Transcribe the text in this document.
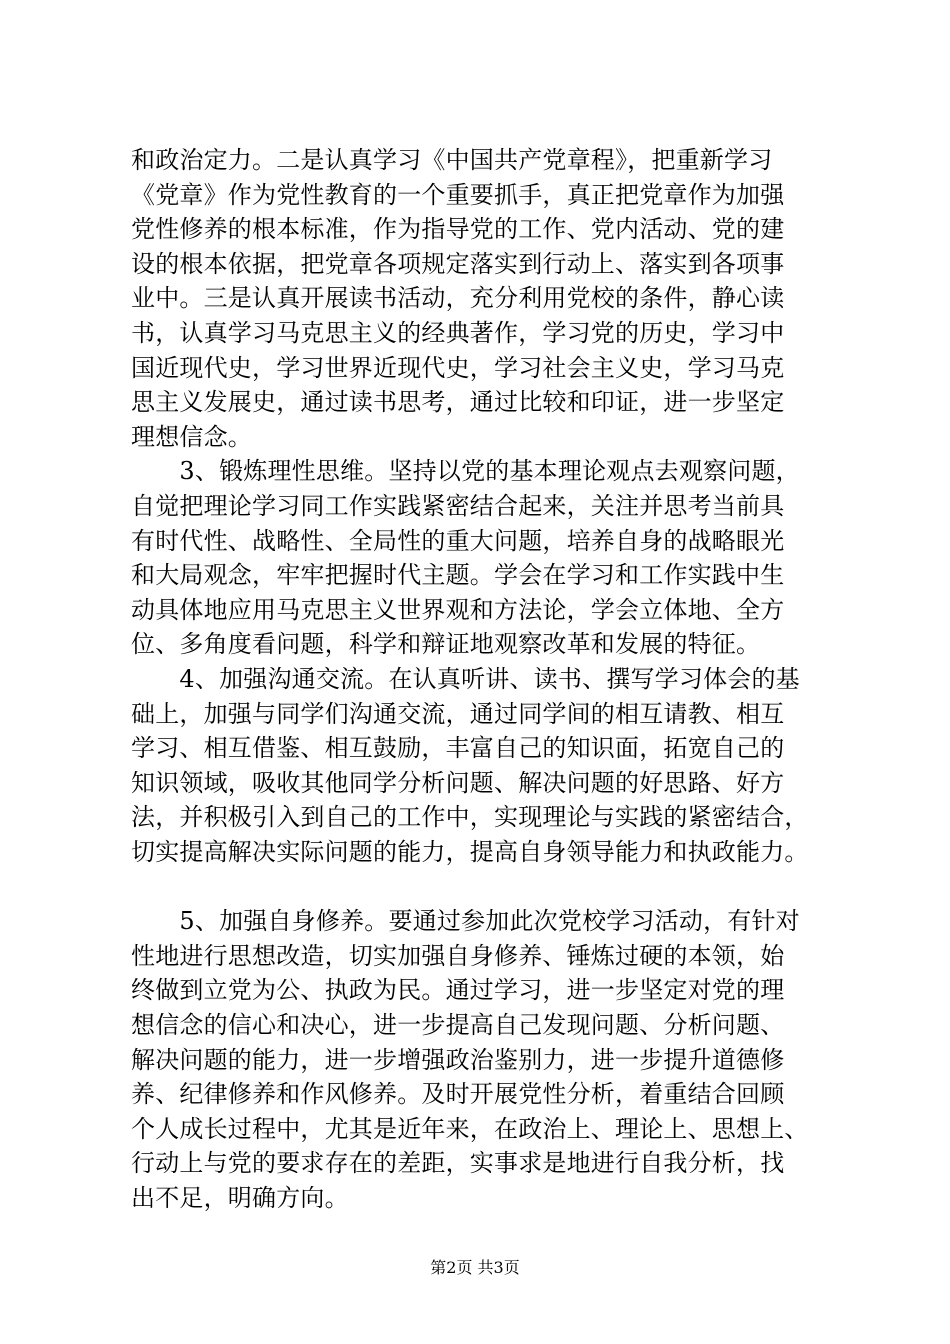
和政治定力。二是认真学习《中国共产党章程》，把重新学习
《党章》作为党性教育的一个重要抓手，真正把党章作为加强
党性修养的根本标准，作为指导党的工作、党内活动、党的建
设的根本依据，把党章各项规定落实到行动上、落实到各项事
业中。三是认真开展读书活动，充分利用党校的条件，静心读
书，认真学习马克思主义的经典著作，学习党的历史，学习中
国近现代史，学习世界近现代史，学习社会主义史，学习马克
思主义发展史，通过读书思考，通过比较和印证，进一步坚定
理想信念。
　　3、锻炼理性思维。坚持以党的基本理论观点去观察问题，
自觉把理论学习同工作实践紧密结合起来，关注并思考当前具
有时代性、战略性、全局性的重大问题，培养自身的战略眼光
和大局观念，牢牢把握时代主题。学会在学习和工作实践中生
动具体地应用马克思主义世界观和方法论，学会立体地、全方
位、多角度看问题，科学和辩证地观察改革和发展的特征。
　　4、加强沟通交流。在认真听讲、读书、撰写学习体会的基
础上，加强与同学们沟通交流，通过同学间的相互请教、相互
学习、相互借鉴、相互鼓励，丰富自己的知识面，拓宽自己的
知识领域，吸收其他同学分析问题、解决问题的好思路、好方
法，并积极引入到自己的工作中，实现理论与实践的紧密结合，
切实提高解决实际问题的能力，提高自身领导能力和执政能力。
　　5、加强自身修养。要通过参加此次党校学习活动，有针对
性地进行思想改造，切实加强自身修养、锤炼过硬的本领，始
终做到立党为公、执政为民。通过学习，进一步坚定对党的理
想信念的信心和决心，进一步提高自己发现问题、分析问题、
解决问题的能力，进一步增强政治鉴别力，进一步提升道德修
养、纪律修养和作风修养。及时开展党性分析，着重结合回顾
个人成长过程中，尤其是近年来，在政治上、理论上、思想上、
行动上与党的要求存在的差距，实事求是地进行自我分析，找
出不足，明确方向。
第2页 共3页
